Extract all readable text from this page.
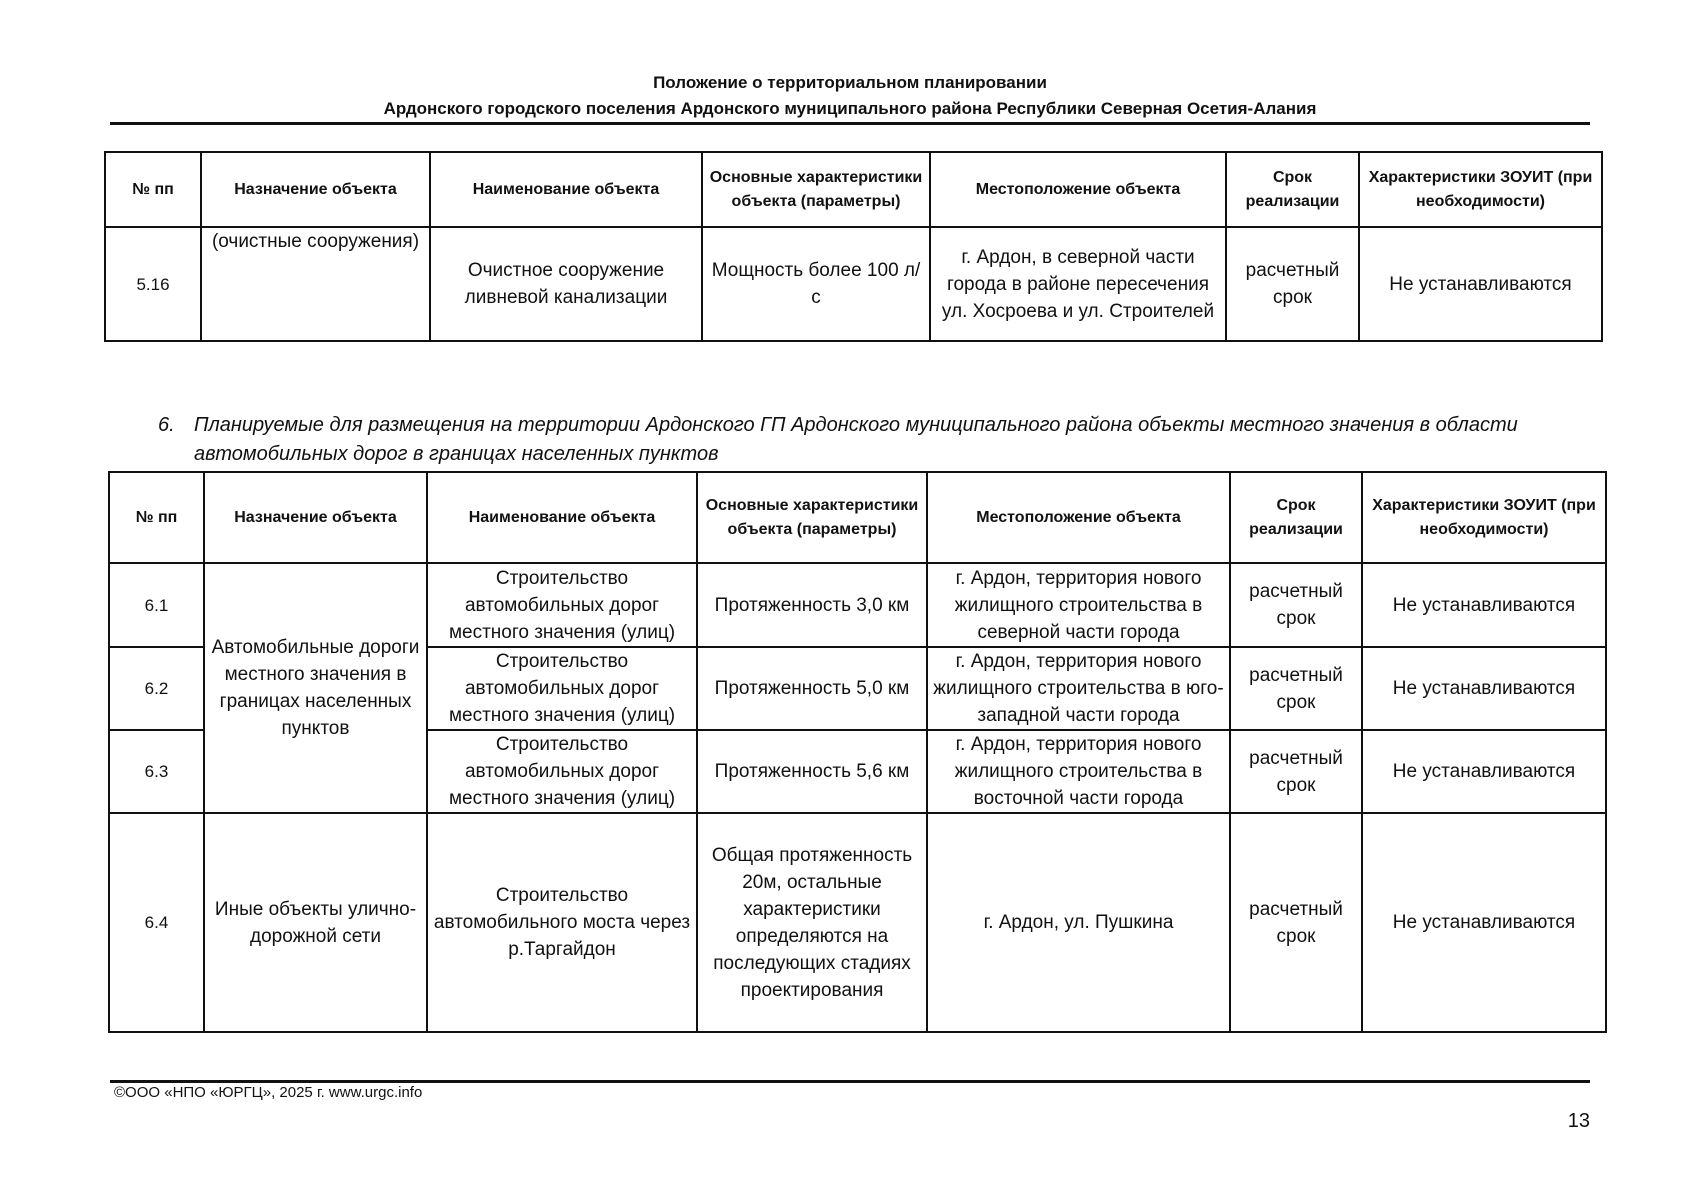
Положение о территориальном планировании
Ардонского городского поселения Ардонского муниципального района Республики Северная Осетия-Алания
№ пп	Назначение объекта	Наименование объекта	Основные характеристики объекта (параметры)	Местоположение объекта	Срок реализации	Характеристики ЗОУИТ (при необходимости)
5.16	(очистные сооружения)	Очистное сооружение ливневой канализации	Мощность более 100 л/с	г. Ардон, в северной части города в районе пересечения ул. Хосроева и ул. Строителей	расчетный срок	Не устанавливаются
6. Планируемые для размещения на территории Ардонского ГП Ардонского муниципального района объекты местного значения в области автомобильных дорог в границах населенных пунктов
№ пп	Назначение объекта	Наименование объекта	Основные характеристики объекта (параметры)	Местоположение объекта	Срок реализации	Характеристики ЗОУИТ (при необходимости)
6.1	Автомобильные дороги местного значения в границах населенных пунктов	Строительство автомобильных дорог местного значения (улиц)	Протяженность 3,0 км	г. Ардон, территория нового жилищного строительства в северной части города	расчетный срок	Не устанавливаются
6.2		Строительство автомобильных дорог местного значения (улиц)	Протяженность 5,0 км	г. Ардон, территория нового жилищного строительства в юго-западной части города	расчетный срок	Не устанавливаются
6.3		Строительство автомобильных дорог местного значения (улиц)	Протяженность 5,6 км	г. Ардон, территория нового жилищного строительства в восточной части города	расчетный срок	Не устанавливаются
6.4	Иные объекты улично-дорожной сети	Строительство автомобильного моста через р.Таргайдон	Общая протяженность 20м, остальные характеристики определяются на последующих стадиях проектирования	г. Ардон, ул. Пушкина	расчетный срок	Не устанавливаются
©ООО «НПО «ЮРГЦ», 2025 г. www.urgc.info
13
